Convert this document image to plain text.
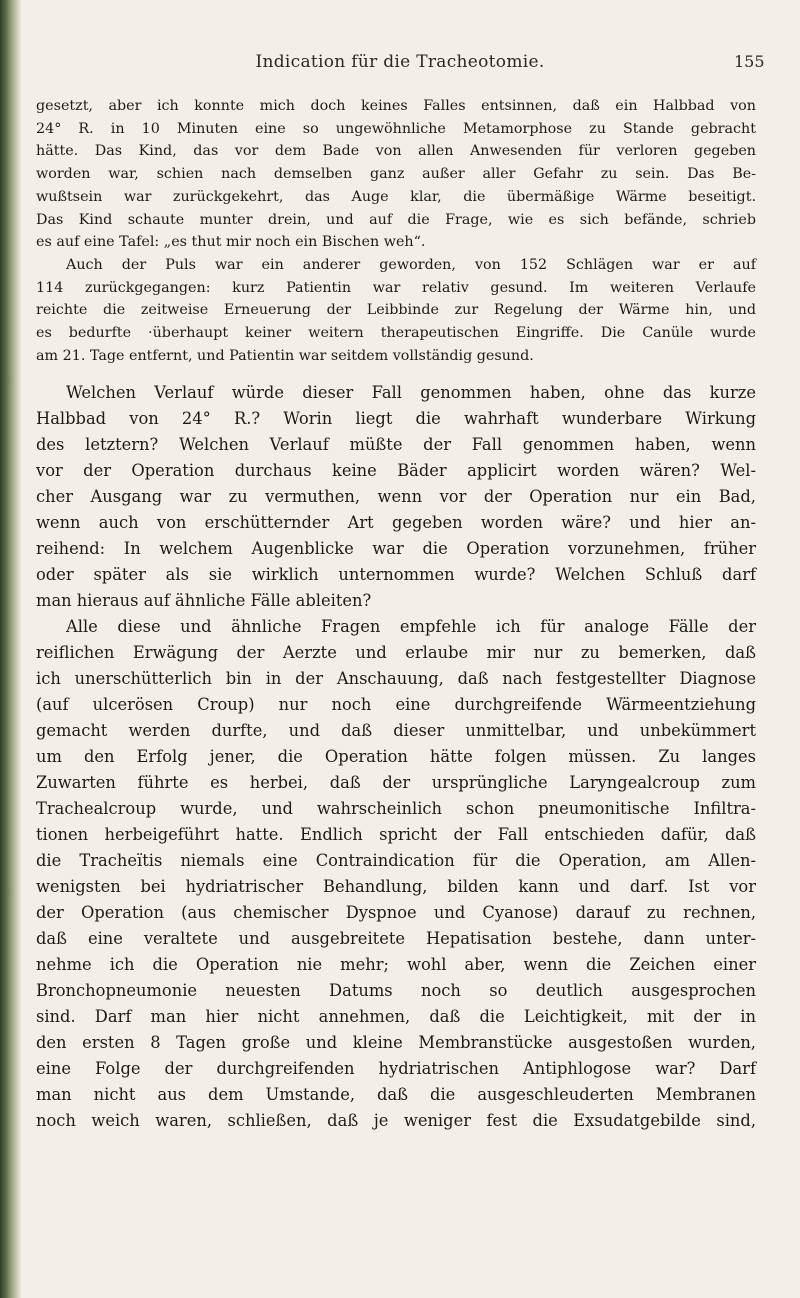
Indication für die Tracheotomie.	155
gesetzt, aber ich konnte mich doch keines Falles entsinnen, daß ein Halbbad von
24° R. in 10 Minuten eine so ungewöhnliche Metamorphose zu Stande gebracht
hätte. Das Kind, das vor dem Bade von allen Anwesenden für verloren gegeben
worden war, schien nach demselben ganz außer aller Gefahr zu sein. Das Be-
wußtsein war zurückgekehrt, das Auge klar, die übermäßige Wärme beseitigt.
Das Kind schaute munter drein, und auf die Frage, wie es sich befände, schrieb
es auf eine Tafel: „es thut mir noch ein Bischen weh“.
Auch der Puls war ein anderer geworden, von 152 Schlägen war er auf
114 zurückgegangen: kurz Patientin war relativ gesund. Im weiteren Verlaufe
reichte die zeitweise Erneuerung der Leibbinde zur Regelung der Wärme hin, und
es bedurfte ·überhaupt keiner weitern therapeutischen Eingriffe. Die Canüle wurde
am 21. Tage entfernt, und Patientin war seitdem vollständig gesund.
Welchen Verlauf würde dieser Fall genommen haben, ohne das kurze
Halbbad von 24° R.? Worin liegt die wahrhaft wunderbare Wirkung
des letztern? Welchen Verlauf müßte der Fall genommen haben, wenn
vor der Operation durchaus keine Bäder applicirt worden wären? Wel-
cher Ausgang war zu vermuthen, wenn vor der Operation nur ein Bad,
wenn auch von erschütternder Art gegeben worden wäre? und hier an-
reihend: In welchem Augenblicke war die Operation vorzunehmen, früher
oder später als sie wirklich unternommen wurde? Welchen Schluß darf
man hieraus auf ähnliche Fälle ableiten?
Alle diese und ähnliche Fragen empfehle ich für analoge Fälle der
reiflichen Erwägung der Aerzte und erlaube mir nur zu bemerken, daß
ich unerschütterlich bin in der Anschauung, daß nach festgestellter Diagnose
(auf ulcerösen Croup) nur noch eine durchgreifende Wärmeentziehung
gemacht werden durfte, und daß dieser unmittelbar, und unbekümmert
um den Erfolg jener, die Operation hätte folgen müssen. Zu langes
Zuwarten führte es herbei, daß der ursprüngliche Laryngealcroup zum
Trachealcroup wurde, und wahrscheinlich schon pneumonitische Infiltra-
tionen herbeigeführt hatte. Endlich spricht der Fall entschieden dafür, daß
die Tracheïtis niemals eine Contraindication für die Operation, am Allen-
wenigsten bei hydriatrischer Behandlung, bilden kann und darf. Ist vor
der Operation (aus chemischer Dyspnoe und Cyanose) darauf zu rechnen,
daß eine veraltete und ausgebreitete Hepatisation bestehe, dann unter-
nehme ich die Operation nie mehr; wohl aber, wenn die Zeichen einer
Bronchopneumonie neuesten Datums noch so deutlich ausgesprochen
sind. Darf man hier nicht annehmen, daß die Leichtigkeit, mit der in
den ersten 8 Tagen große und kleine Membranstücke ausgestoßen wurden,
eine Folge der durchgreifenden hydriatrischen Antiphlogose war? Darf
man nicht aus dem Umstande, daß die ausgeschleuderten Membranen
noch weich waren, schließen, daß je weniger fest die Exsudatgebilde sind,
